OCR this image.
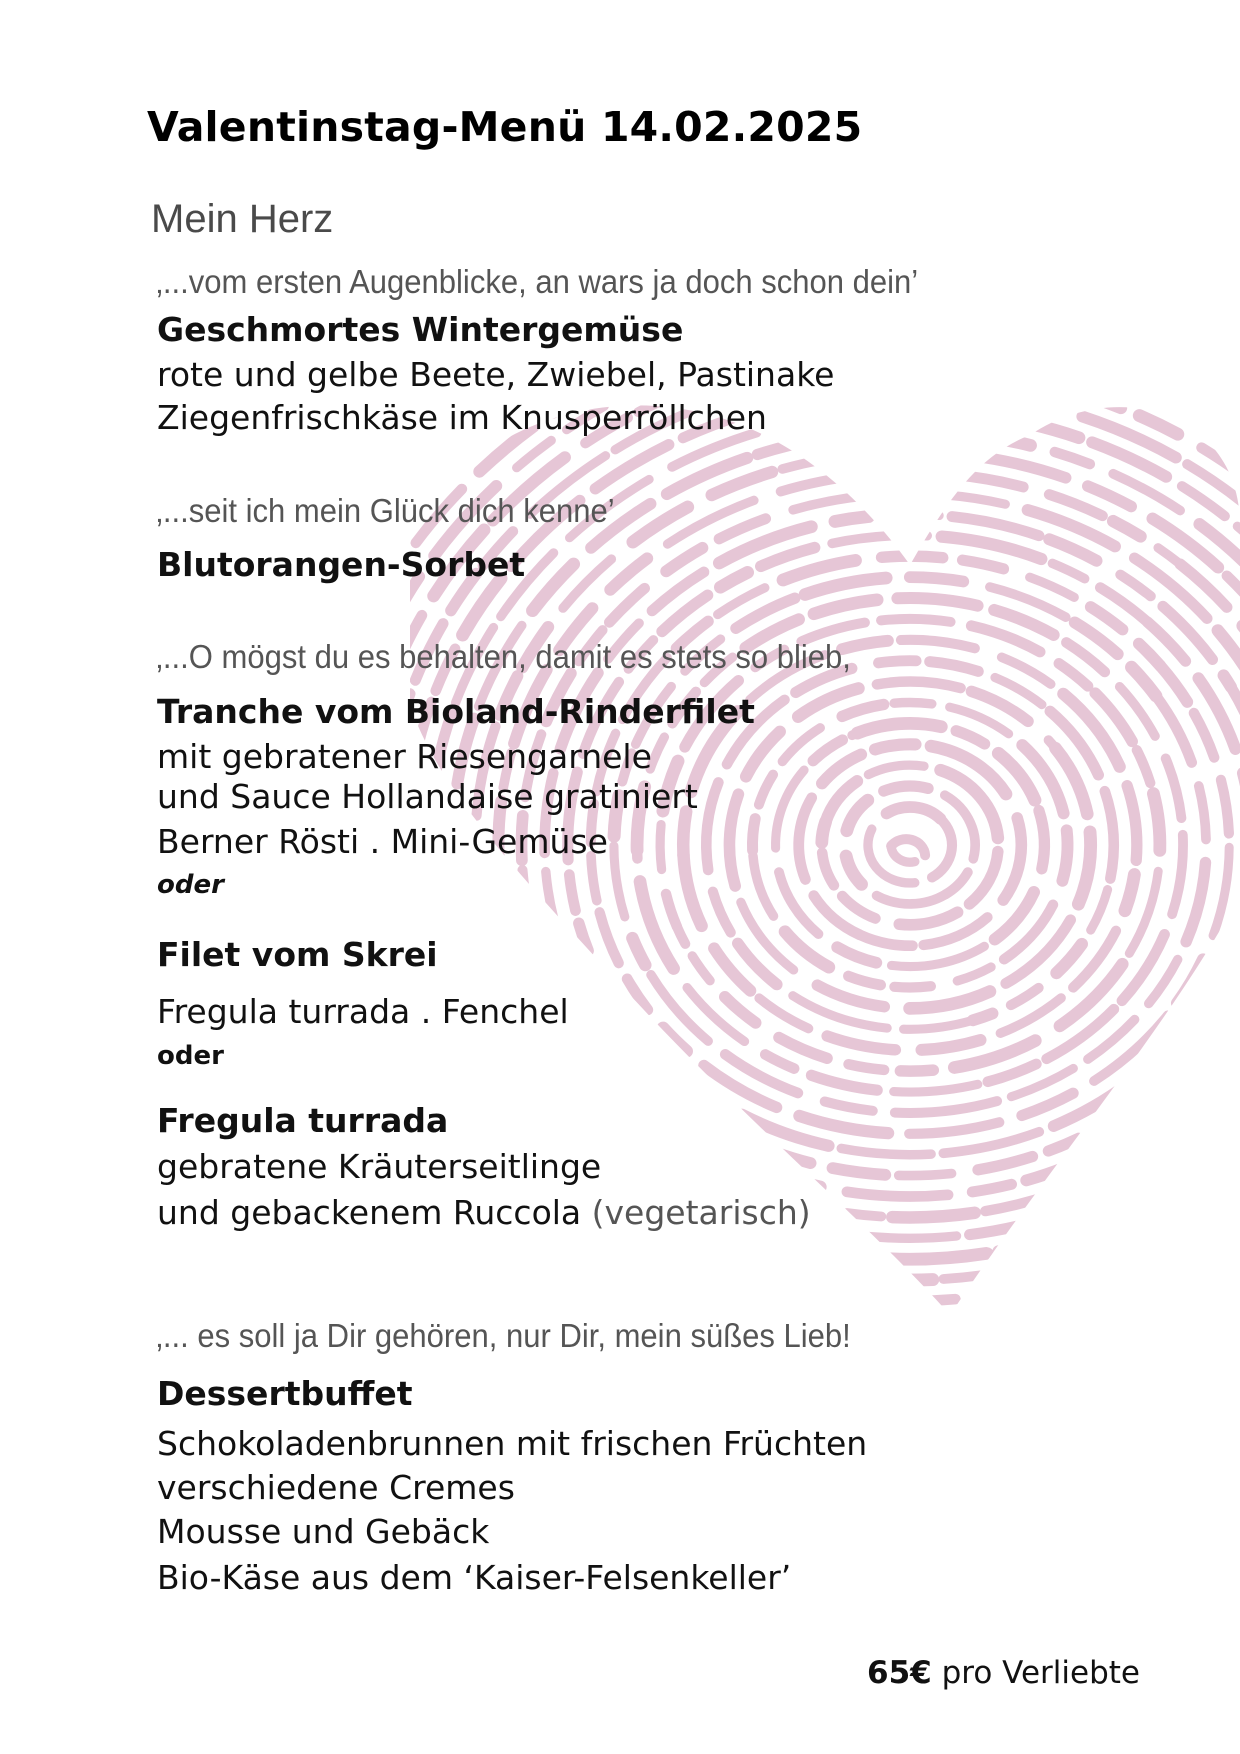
Valentinstag-Menü 14.02.2025
Mein Herz
‚...vom ersten Augenblicke, an wars ja doch schon dein’
Geschmortes Wintergemüse
rote und gelbe Beete, Zwiebel, Pastinake
Ziegenfrischkäse im Knusperröllchen
‚...seit ich mein Glück dich kenne’
Blutorangen-Sorbet
‚...O mögst du es behalten, damit es stets so blieb,
Tranche vom Bioland-Rinderfilet
mit gebratener Riesengarnele
und Sauce Hollandaise gratiniert
Berner Rösti . Mini-Gemüse
oder
Filet vom Skrei
Fregula turrada . Fenchel
oder
Fregula turrada
gebratene Kräuterseitlinge
und gebackenem Ruccola (vegetarisch)
‚... es soll ja Dir gehören, nur Dir, mein süßes Lieb!
Dessertbuffet
Schokoladenbrunnen mit frischen Früchten
verschiedene Cremes
Mousse und Gebäck
Bio-Käse aus dem ‘Kaiser-Felsenkeller’
65€ pro Verliebte
